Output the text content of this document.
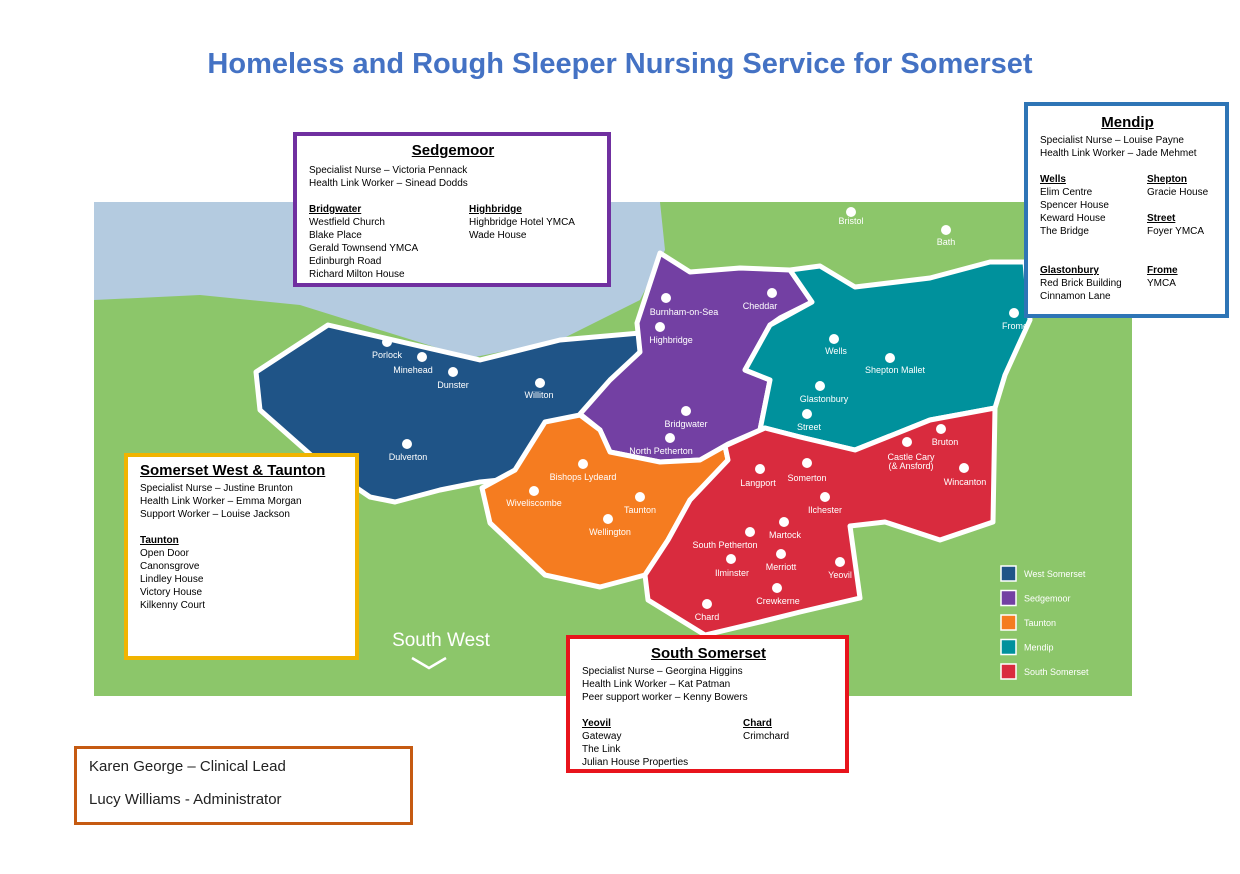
Porlock
Minehead
Dunster
Williton
Dulverton
Burnham-on-Sea
Highbridge
Cheddar
Bridgwater
North Petherton
Frome
Wells
Shepton Mallet
Glastonbury
Street
Bishops Lydeard
Wiveliscombe
Taunton
Wellington
Bruton
Castle Cary
Wincanton
Langport Somerton
Ilchester
Martock
South Petherton
Ilminster
Merriott
Yeovil
Crewkerne
Chard
(& Ansford)
Bristol
Bath
South West
West Somerset
Sedgemoor
Taunton
Mendip
South Somerset
Homeless and Rough Sleeper Nursing Service for Somerset
Sedgemoor
Specialist Nurse – Victoria Pennack
Health Link Worker – Sinead Dodds
Bridgwater
Westfield Church
Blake Place
Gerald Townsend YMCA
Edinburgh Road
Richard Milton House
Highbridge
Highbridge Hotel YMCA
Wade House
Mendip
Specialist Nurse – Louise Payne
Health Link Worker – Jade Mehmet
Wells
Elim Centre
Spencer House
Keward House
The Bridge
Glastonbury
Red Brick Building
Cinnamon Lane
Shepton
Gracie House
Street
Foyer YMCA
Frome
YMCA
Somerset West & Taunton
Specialist Nurse – Justine Brunton
Health Link Worker – Emma Morgan
Support Worker – Louise Jackson
Taunton
Open Door
Canonsgrove
Lindley House
Victory House
Kilkenny Court
South Somerset
Specialist Nurse – Georgina Higgins
Health Link Worker – Kat Patman
Peer support worker – Kenny Bowers
Yeovil
Gateway
The Link
Julian House Properties
Chard
Crimchard
Karen George – Clinical Lead
Lucy Williams - Administrator
